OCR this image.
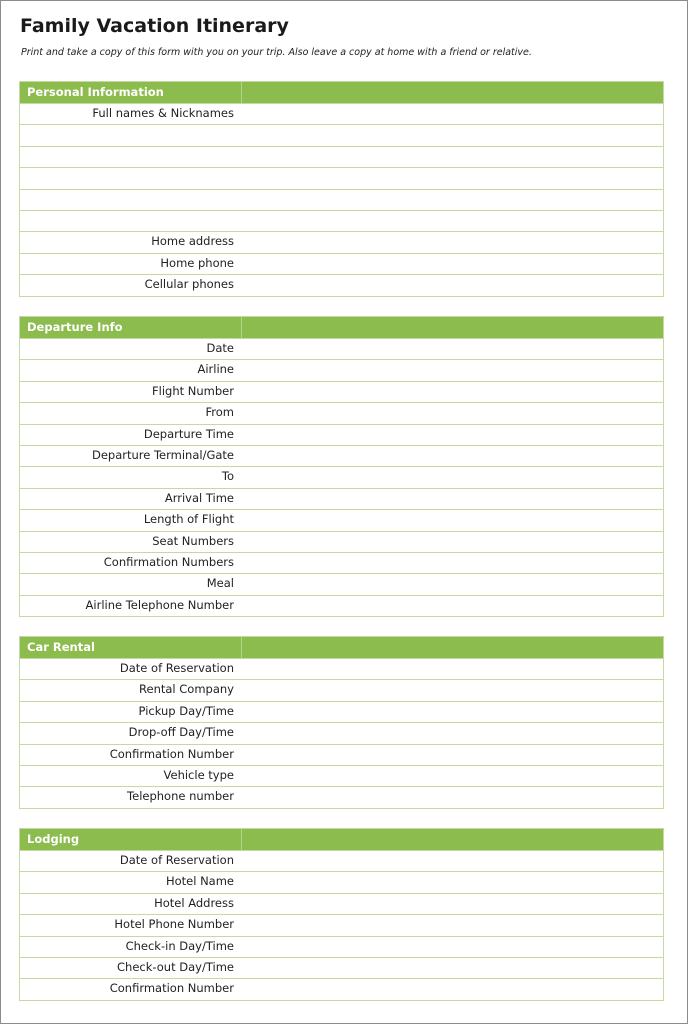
Family Vacation Itinerary
Print and take a copy of this form with you on your trip. Also leave a copy at home with a friend or relative.
Personal Information
Full names & Nicknames
Home address
Home phone
Cellular phones
Departure Info
Date
Airline
Flight Number
From
Departure Time
Departure Terminal/Gate
To
Arrival Time
Length of Flight
Seat Numbers
Confirmation Numbers
Meal
Airline Telephone Number
Car Rental
Date of Reservation
Rental Company
Pickup Day/Time
Drop-off Day/Time
Confirmation Number
Vehicle type
Telephone number
Lodging
Date of Reservation
Hotel Name
Hotel Address
Hotel Phone Number
Check-in Day/Time
Check-out Day/Time
Confirmation Number
